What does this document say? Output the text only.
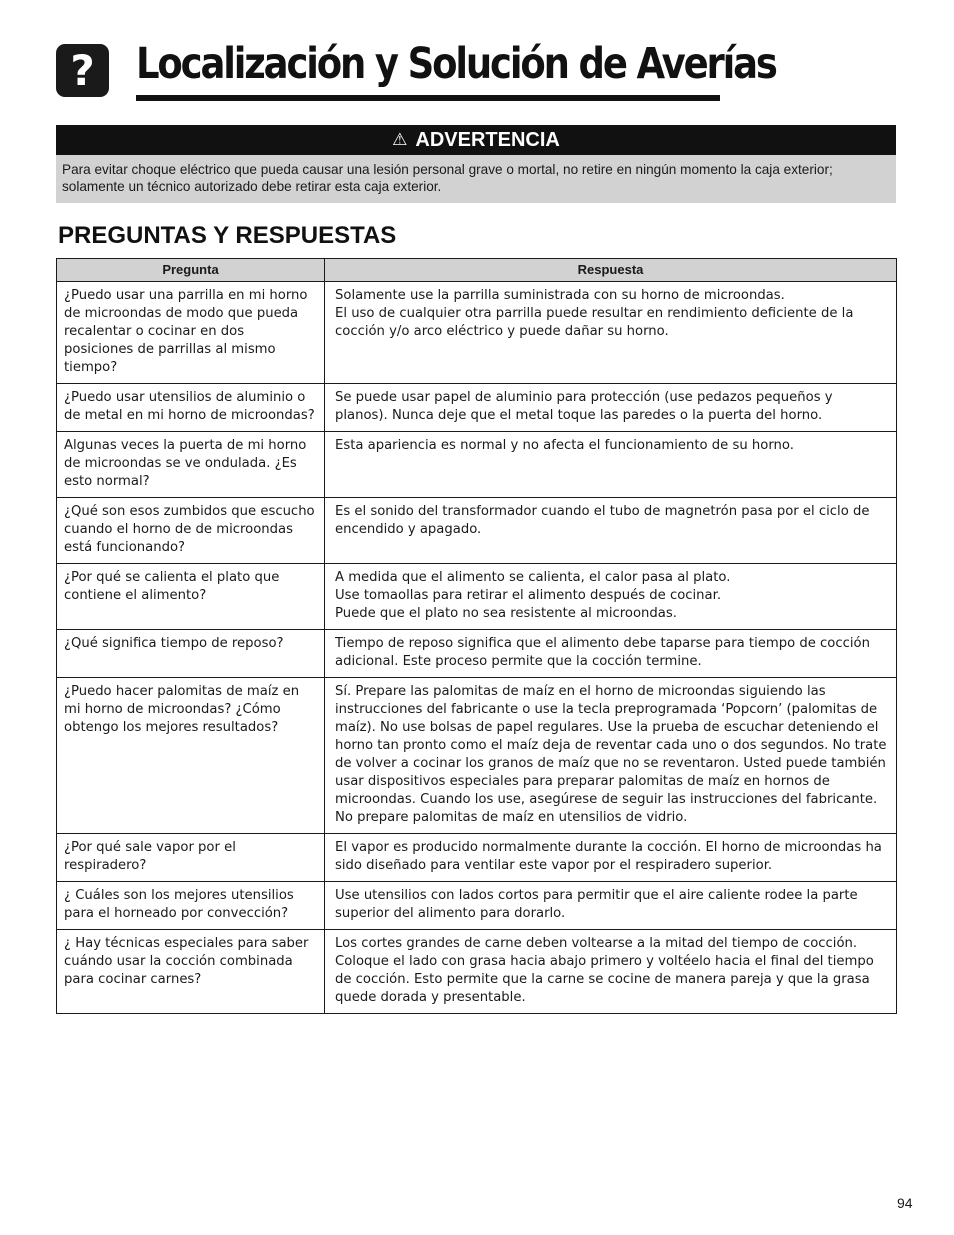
? Localización y Solución de Averías
⚠ ADVERTENCIA
Para evitar choque eléctrico que pueda causar una lesión personal grave o mortal, no retire en ningún momento la caja exterior; solamente un técnico autorizado debe retirar esta caja exterior.
PREGUNTAS Y RESPUESTAS
Pregunta	Respuesta
¿Puedo usar una parrilla en mi horno de microondas de modo que pueda recalentar o cocinar en dos posiciones de parrillas al mismo tiempo?	Solamente use la parrilla suministrada con su horno de microondas.
El uso de cualquier otra parrilla puede resultar en rendimiento deficiente de la cocción y/o arco eléctrico y puede dañar su horno.

¿Puedo usar utensilios de aluminio o de metal en mi horno de microondas?	Se puede usar papel de aluminio para protección (use pedazos pequeños y planos). Nunca deje que el metal toque las paredes o la puerta del horno.

Algunas veces la puerta de mi horno de microondas se ve ondulada. ¿Es esto normal?	Esta apariencia es normal y no afecta el funcionamiento de su horno.

¿Qué son esos zumbidos que escucho cuando el horno de de microondas está funcionando?	Es el sonido del transformador cuando el tubo de magnetrón pasa por el ciclo de encendido y apagado.

¿Por qué se calienta el plato que contiene el alimento?	A medida que el alimento se calienta, el calor pasa al plato.
Use tomaollas para retirar el alimento después de cocinar.
Puede que el plato no sea resistente al microondas.

¿Qué significa tiempo de reposo?	Tiempo de reposo significa que el alimento debe taparse para tiempo de cocción adicional. Este proceso permite que la cocción termine.

¿Puedo hacer palomitas de maíz en mi horno de microondas? ¿Cómo obtengo los mejores resultados?	Sí. Prepare las palomitas de maíz en el horno de microondas siguiendo las instrucciones del fabricante o use la tecla preprogramada ‘Popcorn’ (palomitas de maíz). No use bolsas de papel regulares. Use la prueba de escuchar deteniendo el horno tan pronto como el maíz deja de reventar cada uno o dos segundos. No trate de volver a cocinar los granos de maíz que no se reventaron. Usted puede también usar dispositivos especiales para preparar palomitas de maíz en hornos de microondas. Cuando los use, asegúrese de seguir las instrucciones del fabricante. No prepare palomitas de maíz en utensilios de vidrio.

¿Por qué sale vapor por el respiradero?	El vapor es producido normalmente durante la cocción. El horno de microondas ha sido diseñado para ventilar este vapor por el respiradero superior.

¿ Cuáles son los mejores utensilios para el horneado por convección?	Use utensilios con lados cortos para permitir que el aire caliente rodee la parte superior del alimento para dorarlo.

¿ Hay técnicas especiales para saber cuándo usar la cocción combinada para cocinar carnes?	Los cortes grandes de carne deben voltearse a la mitad del tiempo de cocción. Coloque el lado con grasa hacia abajo primero y voltéelo hacia el final del tiempo de cocción. Esto permite que la carne se cocine de manera pareja y que la grasa quede dorada y presentable.
94
